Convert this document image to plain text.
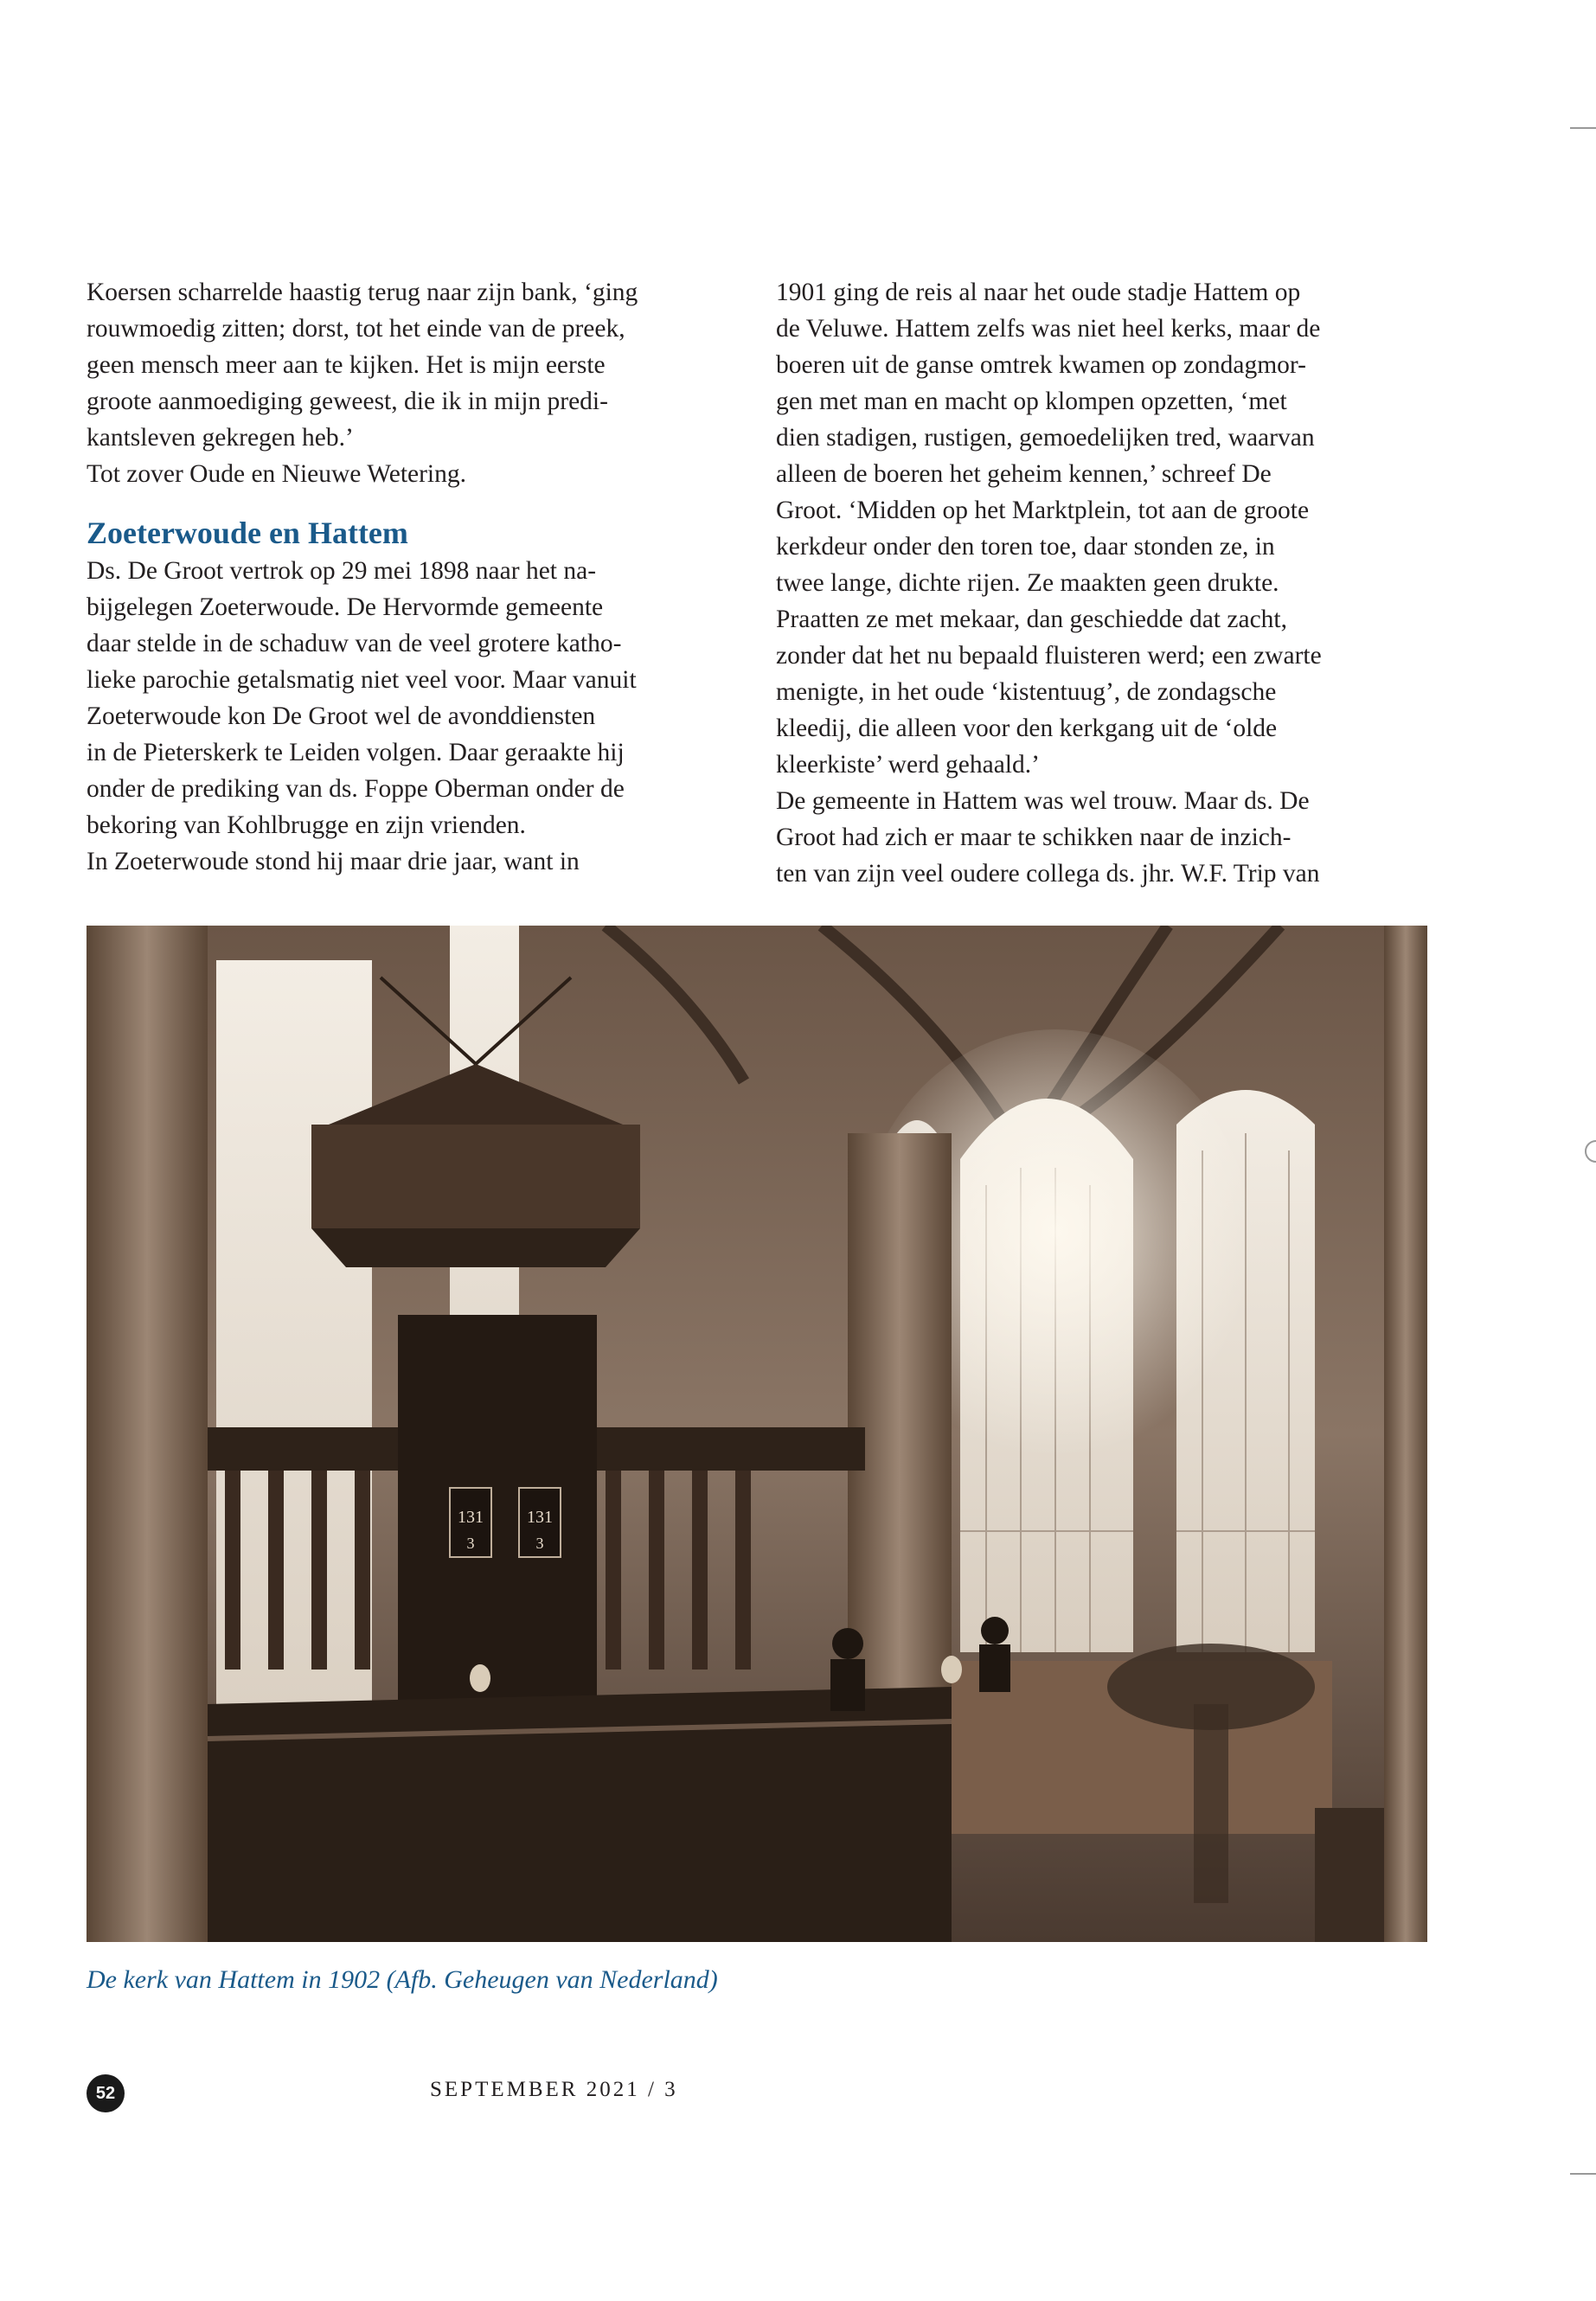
Koersen scharrelde haastig terug naar zijn bank, ‘ging

rouwmoedig zitten; dorst, tot het einde van de preek,

geen mensch meer aan te kijken. Het is mijn eerste

groote aanmoediging geweest, die ik in mijn predi-

kantsleven gekregen heb.’

Tot zover Oude en Nieuwe Wetering.

Zoeterwoude en Hattem

Ds. De Groot vertrok op 29 mei 1898 naar het na-

bijgelegen Zoeterwoude. De Hervormde gemeente

daar stelde in de schaduw van de veel grotere katho-

lieke parochie getalsmatig niet veel voor. Maar vanuit

Zoeterwoude kon De Groot wel de avonddiensten

in de Pieterskerk te Leiden volgen. Daar geraakte hij

onder de prediking van ds. Foppe Oberman onder de

bekoring van Kohlbrugge en zijn vrienden.

In Zoeterwoude stond hij maar drie jaar, want in

1901 ging de reis al naar het oude stadje Hattem op

de Veluwe. Hattem zelfs was niet heel kerks, maar de

boeren uit de ganse omtrek kwamen op zondagmor-

gen met man en macht op klompen opzetten, ‘met

dien stadigen, rustigen, gemoedelijken tred, waarvan

alleen de boeren het geheim kennen,’ schreef De

Groot. ‘Midden op het Marktplein, tot aan de groote

kerkdeur onder den toren toe, daar stonden ze, in

twee lange, dichte rijen. Ze maakten geen drukte.

Praatten ze met mekaar, dan geschiedde dat zacht,

zonder dat het nu bepaald fluisteren werd; een zwarte

menigte, in het oude ‘kistentuug’, de zondagsche

kleedij, die alleen voor den kerkgang uit de ‘olde

kleerkiste’ werd gehaald.’

De gemeente in Hattem was wel trouw. Maar ds. De

Groot had zich er maar te schikken naar de inzich-

ten van zijn veel oudere collega ds. jhr. W.F. Trip van

131
3
131
3
De kerk van Hattem in 1902 (Afb. Geheugen van Nederland)
52	SEPTEMBER 2021 / 3
